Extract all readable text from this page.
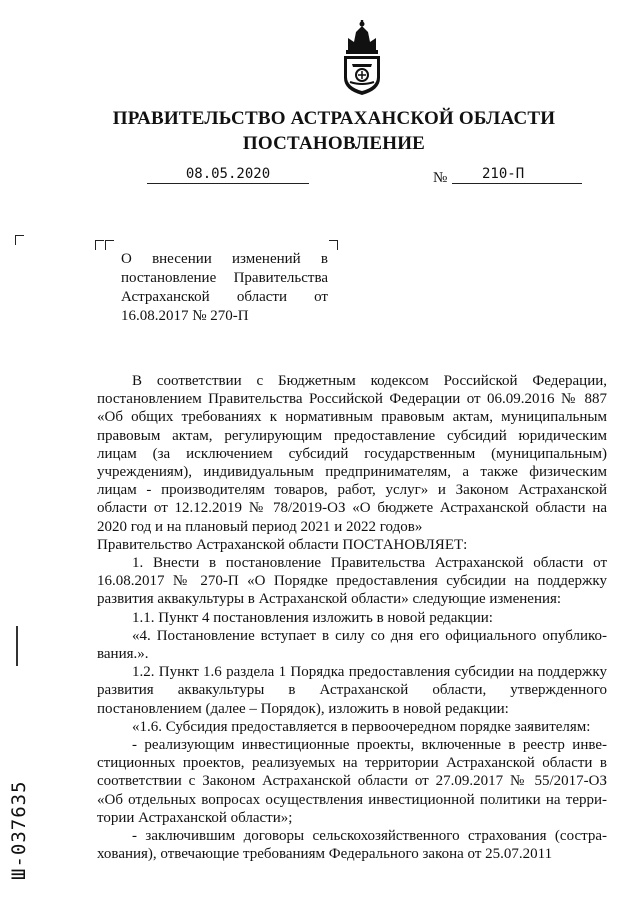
ПРАВИТЕЛЬСТВО АСТРАХАНСКОЙ ОБЛАСТИ
ПОСТАНОВЛЕНИЕ
08.05.2020	№	210-П
О внесении изменений в
постановление Правительства
Астраханской области от
16.08.2017 № 270-П

В соответствии с Бюджетным кодексом Российской Федерации, постановлением Правительства Российской Федерации от 06.09.2016 № 887 «Об общих требованиях к нормативным правовым актам, муниципальным правовым актам, регулирующим предоставление субсидий юридическим лицам (за исключением субсидий государственным (муниципальным) учреждениям), индивидуальным предпринимателям, а также физическим лицам - производителям товаров, работ, услуг» и Законом Астраханской области от 12.12.2019 № 78/2019-ОЗ «О бюджете Астраханской области на 2020 год и на плановый период 2021 и 2022 годов»

Правительство Астраханской области ПОСТАНОВЛЯЕТ:

1. Внести в постановление Правительства Астраханской области от 16.08.2017 № 270-П «О Порядке предоставления субсидии на поддержку развития аквакультуры в Астраханской области» следующие изменения:

1.1. Пункт 4 постановления изложить в новой редакции:

«4. Постановление вступает в силу со дня его официального опублико-вания.».

1.2. Пункт 1.6 раздела 1 Порядка предоставления субсидии на поддержку развития аквакультуры в Астраханской области, утвержденного постановлением (далее – Порядок), изложить в новой редакции:

«1.6. Субсидия предоставляется в первоочередном порядке заявителям:

- реализующим инвестиционные проекты, включенные в реестр инве-стиционных проектов, реализуемых на территории Астраханской области в соответствии с Законом Астраханской области от 27.09.2017 № 55/2017-ОЗ «Об отдельных вопросах осуществления инвестиционной политики на терри-тории Астраханской области»;

- заключившим договоры сельскохозяйственного страхования (состра-хования), отвечающие требованиям Федерального закона от 25.07.2011

Ш-037635
